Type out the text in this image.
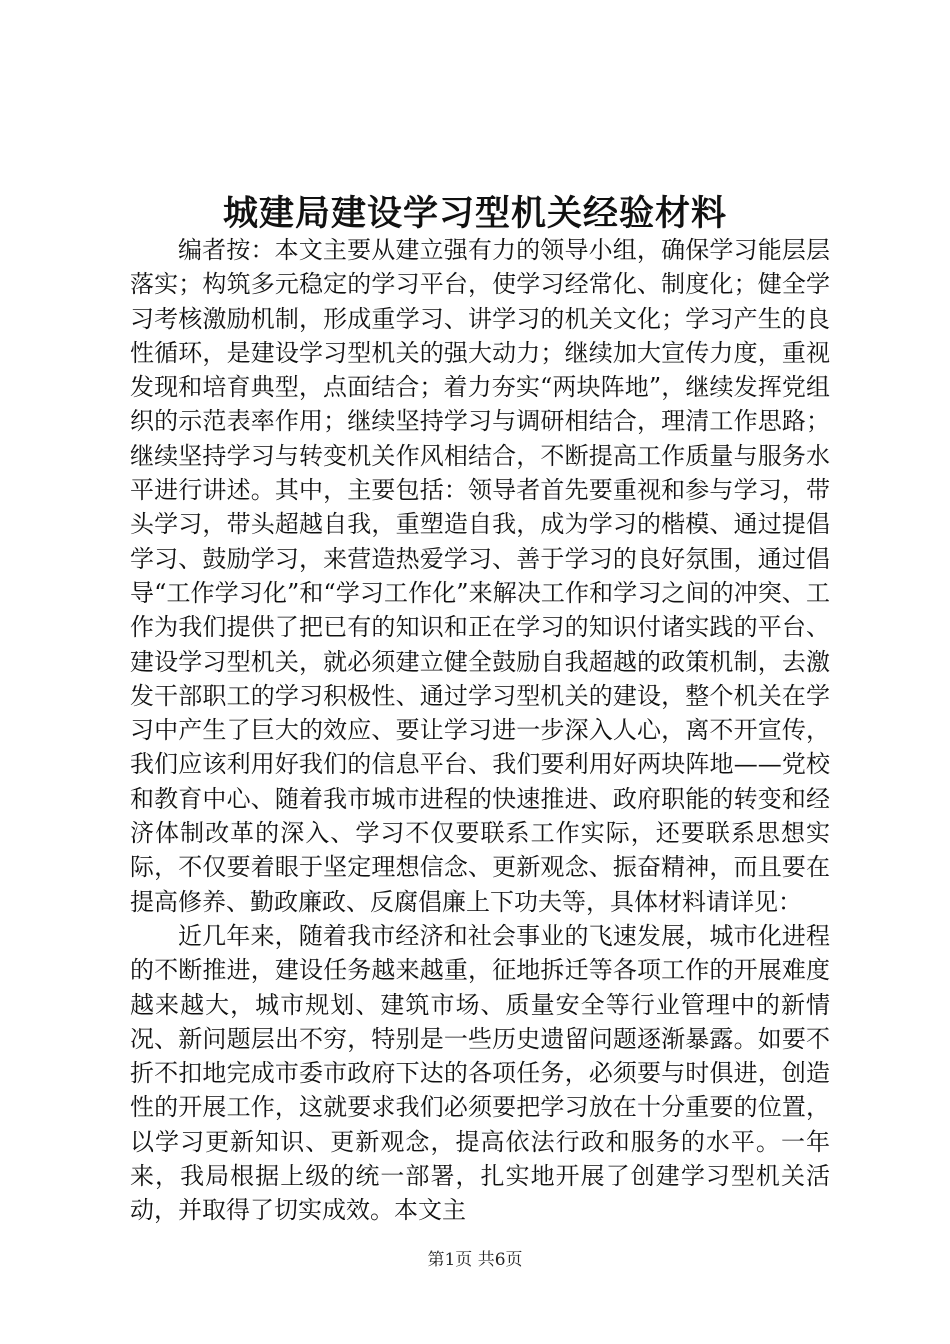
城建局建设学习型机关经验材料

编者按：本文主要从建立强有力的领导小组，确保学习能层层落实；构筑多元稳定的学习平台，使学习经常化、制度化；健全学习考核激励机制，形成重学习、讲学习的机关文化；学习产生的良性循环，是建设学习型机关的强大动力；继续加大宣传力度，重视发现和培育典型，点面结合；着力夯实“两块阵地”，继续发挥党组织的示范表率作用；继续坚持学习与调研相结合，理清工作思路；继续坚持学习与转变机关作风相结合，不断提高工作质量与服务水平进行讲述。其中，主要包括：领导者首先要重视和参与学习，带头学习，带头超越自我，重塑造自我，成为学习的楷模、通过提倡学习、鼓励学习，来营造热爱学习、善于学习的良好氛围，通过倡导“工作学习化”和“学习工作化”来解决工作和学习之间的冲突、工作为我们提供了把已有的知识和正在学习的知识付诸实践的平台、建设学习型机关，就必须建立健全鼓励自我超越的政策机制，去激发干部职工的学习积极性、通过学习型机关的建设，整个机关在学习中产生了巨大的效应、要让学习进一步深入人心，离不开宣传，我们应该利用好我们的信息平台、我们要利用好两块阵地——党校和教育中心、随着我市城市进程的快速推进、政府职能的转变和经济体制改革的深入、学习不仅要联系工作实际，还要联系思想实际，不仅要着眼于坚定理想信念、更新观念、振奋精神，而且要在提高修养、勤政廉政、反腐倡廉上下功夫等，具体材料请详见：

近几年来，随着我市经济和社会事业的飞速发展，城市化进程的不断推进，建设任务越来越重，征地拆迁等各项工作的开展难度越来越大，城市规划、建筑市场、质量安全等行业管理中的新情况、新问题层出不穷，特别是一些历史遗留问题逐渐暴露。如要不折不扣地完成市委市政府下达的各项任务，必须要与时俱进，创造性的开展工作，这就要求我们必须要把学习放在十分重要的位置，以学习更新知识、更新观念，提高依法行政和服务的水平。一年来，我局根据上级的统一部署，扎实地开展了创建学习型机关活动，并取得了切实成效。本文主

第1页 共6页
